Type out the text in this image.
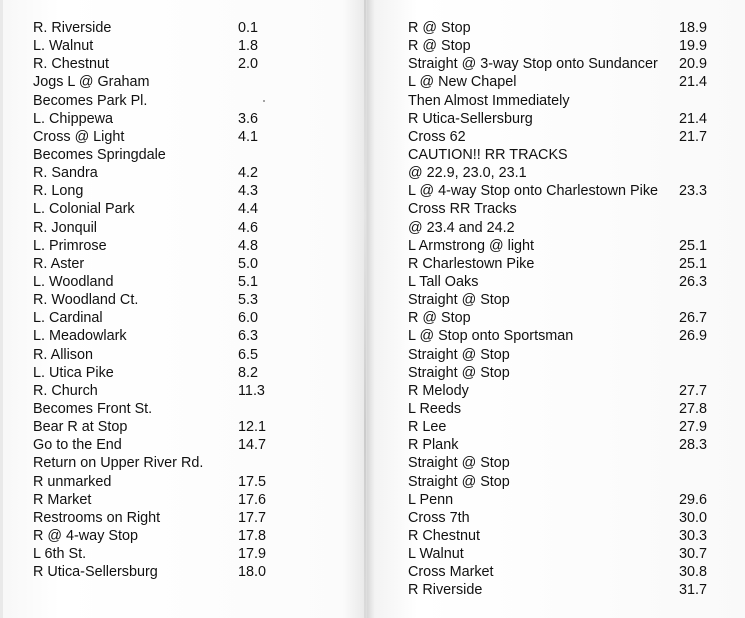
R. Riverside	0.1
L. Walnut	1.8
R. Chestnut	2.0
Jogs L @ Graham
Becomes Park Pl.
L. Chippewa	3.6
Cross @ Light	4.1
Becomes Springdale
R. Sandra	4.2
R. Long	4.3
L. Colonial Park	4.4
R. Jonquil	4.6
L. Primrose	4.8
R. Aster	5.0
L. Woodland	5.1
R. Woodland Ct.	5.3
L. Cardinal	6.0
L. Meadowlark	6.3
R. Allison	6.5
L. Utica Pike	8.2
R. Church	11.3
Becomes Front St.
Bear R at Stop	12.1
Go to the End	14.7
Return on Upper River Rd.
R unmarked	17.5
R Market	17.6
Restrooms on Right	17.7
R @ 4-way Stop	17.8
L 6th St.	17.9
R Utica-Sellersburg	18.0
R @ Stop	18.9
R @ Stop	19.9
Straight @ 3-way Stop onto Sundancer 20.9
L @ New Chapel	21.4
Then Almost Immediately
R Utica-Sellersburg	21.4
Cross 62	21.7
CAUTION!! RR TRACKS
@ 22.9, 23.0, 23.1
L @ 4-way Stop onto Charlestown Pike 23.3
Cross RR Tracks
@ 23.4 and 24.2
L Armstrong @ light	25.1
R Charlestown Pike	25.1
L Tall Oaks	26.3
Straight @ Stop
R @ Stop	26.7
L @ Stop onto Sportsman	26.9
Straight @ Stop
Straight @ Stop
R Melody	27.7
L Reeds	27.8
R Lee	27.9
R Plank	28.3
Straight @ Stop
Straight @ Stop
L Penn	29.6
Cross 7th	30.0
R Chestnut	30.3
L Walnut	30.7
Cross Market	30.8
R Riverside	31.7
